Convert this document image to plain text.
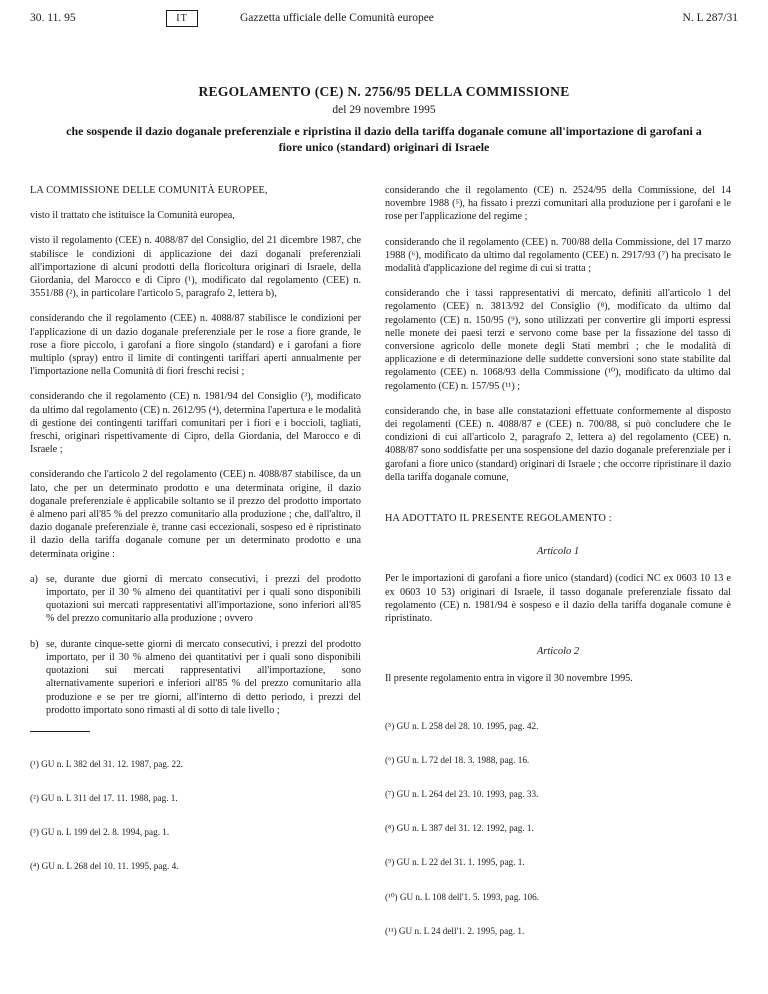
30. 11. 95	IT	Gazzetta ufficiale delle Comunità europee	N. L 287/31
REGOLAMENTO (CE) N. 2756/95 DELLA COMMISSIONE
del 29 novembre 1995
che sospende il dazio doganale preferenziale e ripristina il dazio della tariffa doganale comune all'importazione di garofani a fiore unico (standard) originari di Israele

LA COMMISSIONE DELLE COMUNITÀ EUROPEE,

visto il trattato che istituisce la Comunità europea,

visto il regolamento (CEE) n. 4088/87 del Consiglio, del 21 dicembre 1987, che stabilisce le condizioni di applicazione dei dazi doganali preferenziali all'importazione di alcuni prodotti della floricoltura originari di Israele, della Giordania, del Marocco e di Cipro (¹), modificato dal regolamento (CEE) n. 3551/88 (²), in particolare l'articolo 5, paragrafo 2, lettera b),

considerando che il regolamento (CEE) n. 4088/87 stabilisce le condizioni per l'applicazione di un dazio doganale preferenziale per le rose a fiore grande, le rose a fiore piccolo, i garofani a fiore singolo (standard) e i garofani a fiore multiplo (spray) entro il limite di contingenti tariffari aperti annualmente per l'importazione nella Comunità di fiori freschi recisi ;

considerando che il regolamento (CE) n. 1981/94 del Consiglio (³), modificato da ultimo dal regolamento (CE) n. 2612/95 (⁴), determina l'apertura e le modalità di gestione dei contingenti tariffari comunitari per i fiori e i boccioli, tagliati, freschi, originari rispettivamente di Cipro, della Giordania, del Marocco e di Israele ;

considerando che l'articolo 2 del regolamento (CEE) n. 4088/87 stabilisce, da un lato, che per un determinato prodotto e una determinata origine, il dazio doganale preferenziale è applicabile soltanto se il prezzo del prodotto importato è almeno pari all'85 % del prezzo comunitario alla produzione ; che, dall'altro, il dazio doganale preferenziale è, tranne casi eccezionali, sospeso ed è ripristinato il dazio della tariffa doganale comune per un determinato prodotto e una determinata origine :

a) se, durante due giorni di mercato consecutivi, i prezzi del prodotto importato, per il 30 % almeno dei quantitativi per i quali sono disponibili quotazioni sui mercati rappresentativi all'importazione, sono inferiori all'85 % del prezzo comunitario alla produzione ; ovvero
b) se, durante cinque-sette giorni di mercato consecutivi, i prezzi del prodotto importato, per il 30 % almeno dei quantitativi per i quali sono disponibili quotazioni sui mercati rappresentativi all'importazione, sono alternativamente superiori e inferiori all'85 % del prezzo comunitario alla produzione e se per tre giorni, all'interno di detto periodo, i prezzi del prodotto importato sono rimasti al di sotto di tale livello ;

(¹) GU n. L 382 del 31. 12. 1987, pag. 22.

(²) GU n. L 311 del 17. 11. 1988, pag. 1.

(³) GU n. L 199 del 2. 8. 1994, pag. 1.

(⁴) GU n. L 268 del 10. 11. 1995, pag. 4.

considerando che il regolamento (CE) n. 2524/95 della Commissione, del 14 novembre 1988 (⁵), ha fissato i prezzi comunitari alla produzione per i garofani e le rose per l'applicazione del regime ;

considerando che il regolamento (CEE) n. 700/88 della Commissione, del 17 marzo 1988 (⁶), modificato da ultimo dal regolamento (CEE) n. 2917/93 (⁷) ha precisato le modalità d'applicazione del regime di cui si tratta ;

considerando che i tassi rappresentativi di mercato, definiti all'articolo 1 del regolamento (CEE) n. 3813/92 del Consiglio (⁸), modificato da ultimo dal regolamento (CE) n. 150/95 (⁹), sono utilizzati per convertire gli importi espressi nelle monete dei paesi terzi e servono come base per la fissazione del tasso di conversione agricolo delle monete degli Stati membri ; che le modalità di applicazione e di determinazione delle suddette conversioni sono state stabilite dal regolamento (CEE) n. 1068/93 della Commissione (¹⁰), modificato da ultimo dal regolamento (CE) n. 157/95 (¹¹) ;

considerando che, in base alle constatazioni effettuate conformemente al disposto dei regolamenti (CEE) n. 4088/87 e (CEE) n. 700/88, si può concludere che le condizioni di cui all'articolo 2, paragrafo 2, lettera a) del regolamento (CEE) n. 4088/87 sono soddisfatte per una sospensione del dazio doganale preferenziale per i garofani a fiore unico (standard) originari di Israele ; che occorre ripristinare il dazio della tariffa doganale comune,

HA ADOTTATO IL PRESENTE REGOLAMENTO :

Articolo 1

Per le importazioni di garofani a fiore unico (standard) (codici NC ex 0603 10 13 e ex 0603 10 53) originari di Israele, il tasso doganale preferenziale fissato dal regolamento (CE) n. 1981/94 è sospeso e il dazio della tariffa doganale comune è ripristinato.

Articolo 2

Il presente regolamento entra in vigore il 30 novembre 1995.

(⁵) GU n. L 258 del 28. 10. 1995, pag. 42.

(⁶) GU n. L 72 del 18. 3. 1988, pag. 16.

(⁷) GU n. L 264 del 23. 10. 1993, pag. 33.

(⁸) GU n. L 387 del 31. 12. 1992, pag. 1.

(⁹) GU n. L 22 del 31. 1. 1995, pag. 1.

(¹⁰) GU n. L 108 dell'1. 5. 1993, pag. 106.

(¹¹) GU n. L 24 dell'1. 2. 1995, pag. 1.
